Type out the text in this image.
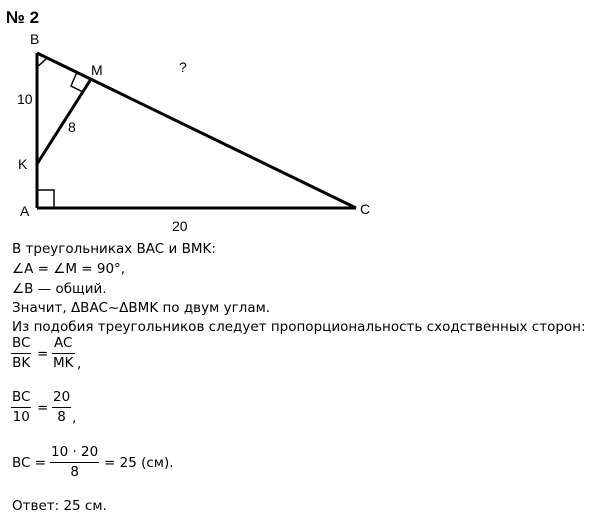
№ 2
B
M
K
A	C
?
10
8
20
В треугольниках BAC и BMK:
∠A = ∠M = 90°,
∠B — общий.
Значит, ΔBAC~ΔBMK по двум углам.
Из подобия треугольников следует пропорциональность сходственных сторон:
BC
BK
=
AC
MK ,
BC
10
=
20
8 ,
BC =
10 · 20
8
= 25 (см).
Ответ: 25 см.
